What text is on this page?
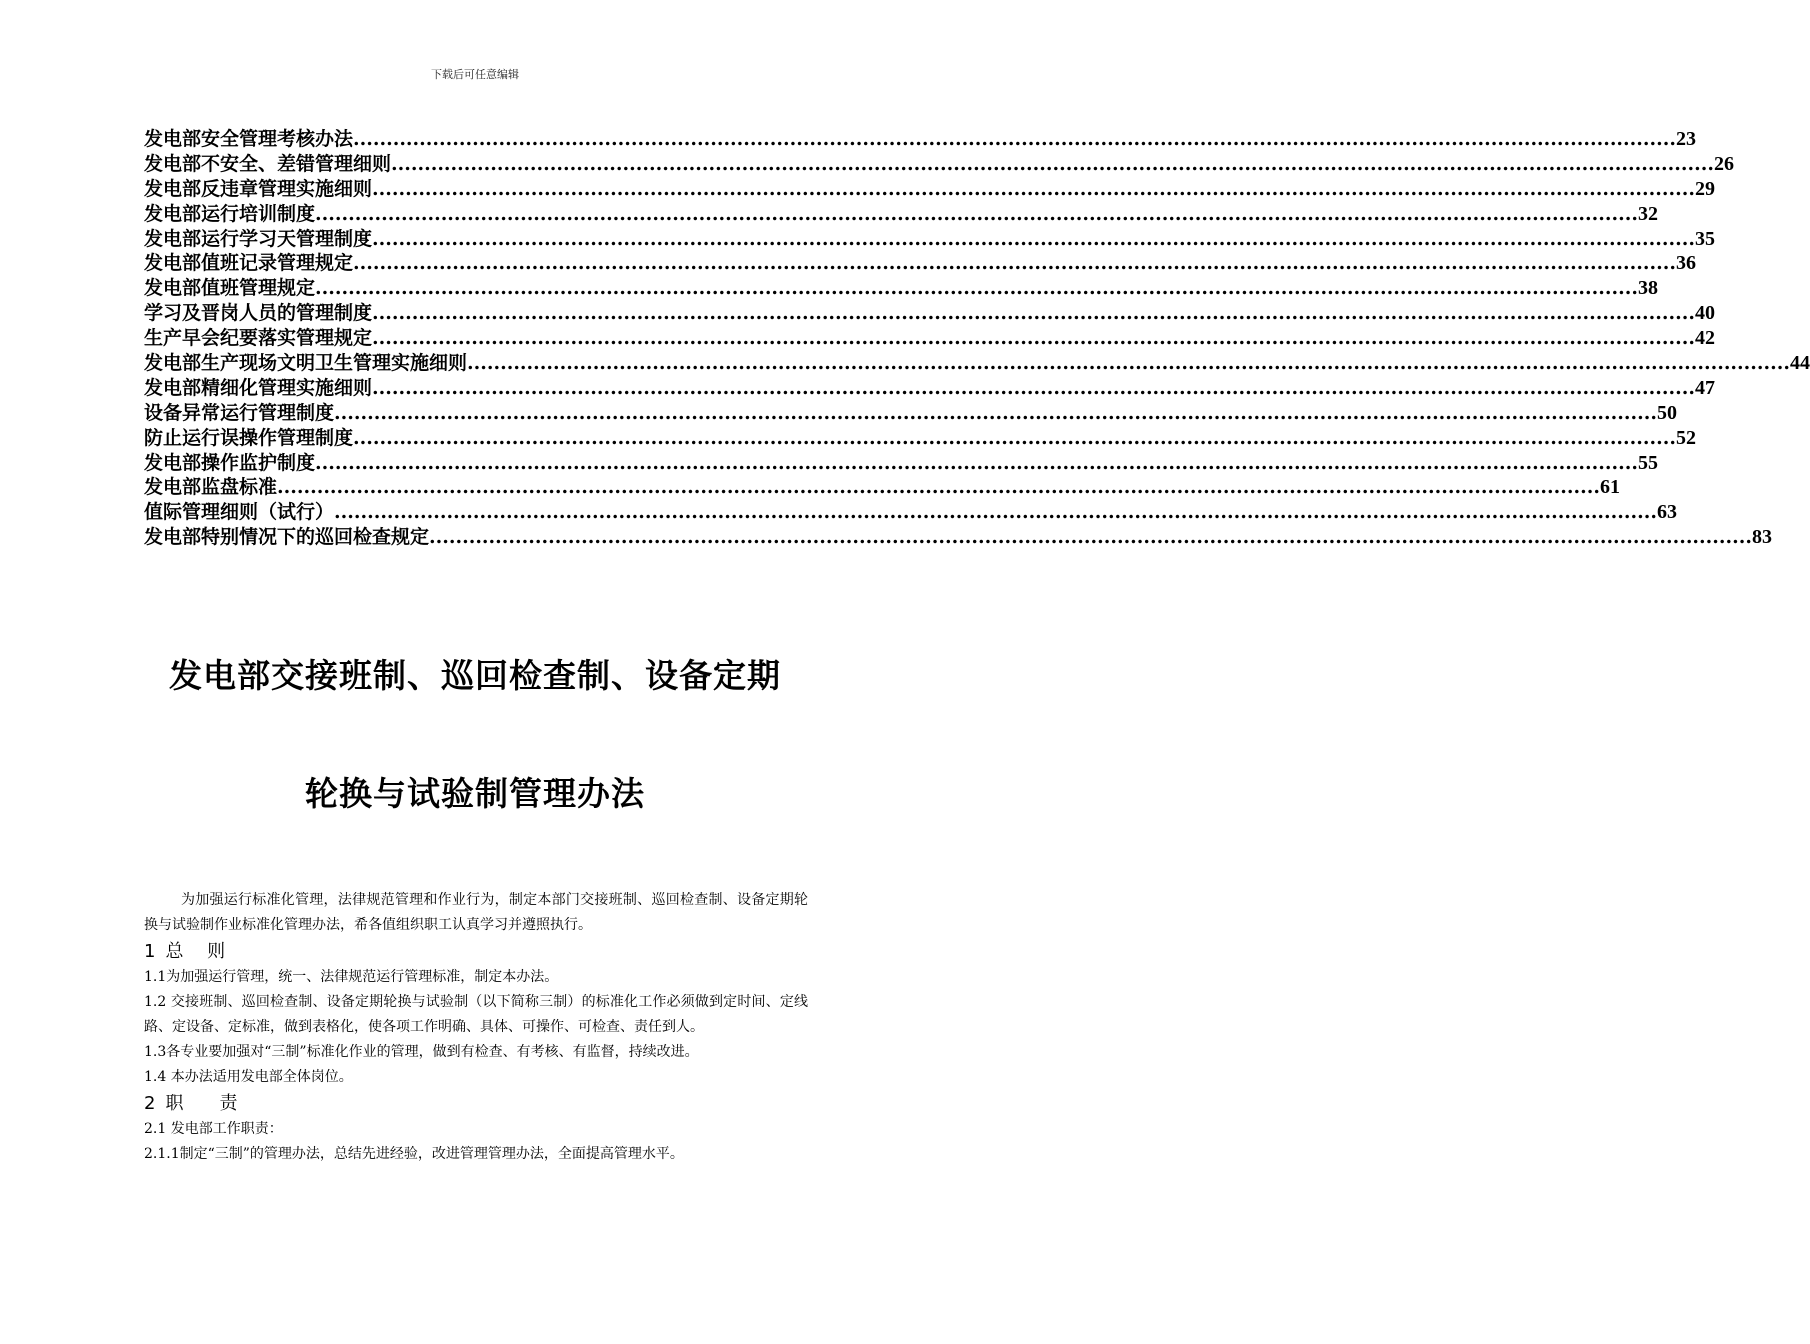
下载后可任意编辑
发电部安全管理考核办法 ........................................................................................................................................................................................................ 23
发电部不安全、差错管理细则 ........................................................................................................................................................................................................ 26
发电部反违章管理实施细则 ........................................................................................................................................................................................................ 29
发电部运行培训制度 ........................................................................................................................................................................................................ 32
发电部运行学习天管理制度 ........................................................................................................................................................................................................ 35
发电部值班记录管理规定 ........................................................................................................................................................................................................ 36
发电部值班管理规定 ........................................................................................................................................................................................................ 38
学习及晋岗人员的管理制度 ........................................................................................................................................................................................................ 40
生产早会纪要落实管理规定 ........................................................................................................................................................................................................ 42
发电部生产现场文明卫生管理实施细则 ........................................................................................................................................................................................................ 44
发电部精细化管理实施细则 ........................................................................................................................................................................................................ 47
设备异常运行管理制度 ........................................................................................................................................................................................................ 50
防止运行误操作管理制度 ........................................................................................................................................................................................................ 52
发电部操作监护制度 ........................................................................................................................................................................................................ 55
发电部监盘标准 ........................................................................................................................................................................................................ 61
值际管理细则（试行） ........................................................................................................................................................................................................ 63
发电部特别情况下的巡回检查规定 ........................................................................................................................................................................................................ 83
发电部交接班制、巡回检查制、设备定期
轮换与试验制管理办法

为加强运行标准化管理，法律规范管理和作业行为，制定本部门交接班制、巡回检查制、设备定期轮换与试验制作业标准化管理办法，希各值组织职工认真学习并遵照执行。

1 总　 则

1.1为加强运行管理，统一、法律规范运行管理标准，制定本办法。

1.2 交接班制、巡回检查制、设备定期轮换与试验制（以下简称三制）的标准化工作必须做到定时间、定线路、定设备、定标准，做到表格化，使各项工作明确、具体、可操作、可检查、责任到人。

1.3各专业要加强对“三制”标准化作业的管理，做到有检查、有考核、有监督，持续改进。

1.4 本办法适用发电部全体岗位。

2 职　　责

2.1 发电部工作职责：

2.1.1制定“三制”的管理办法，总结先进经验，改进管理管理办法，全面提高管理水平。
